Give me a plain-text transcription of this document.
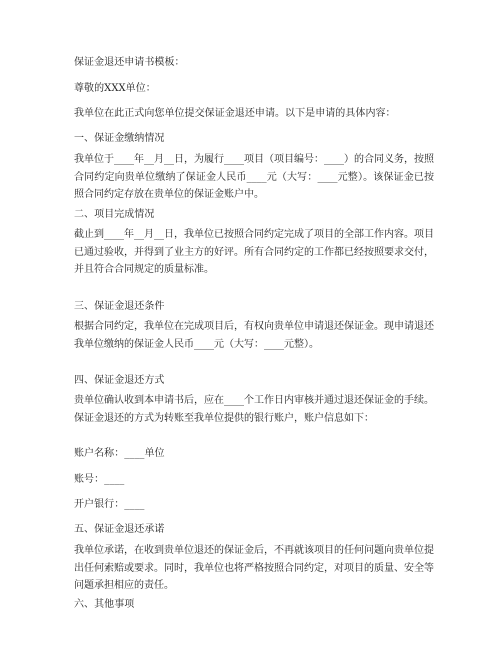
保证金退还申请书模板：
尊敬的XXX单位：
我单位在此正式向您单位提交保证金退还申请。以下是申请的具体内容：
一、保证金缴纳情况
我单位于____年__月__日，为履行____项目（项目编号：____）的合同义务，按照合同约定向贵单位缴纳了保证金人民币____元（大写：____元整）。该保证金已按照合同约定存放在贵单位的保证金账户中。
二、项目完成情况
截止到____年__月__日，我单位已按照合同约定完成了项目的全部工作内容。项目已通过验收，并得到了业主方的好评。所有合同约定的工作都已经按照要求交付，并且符合合同规定的质量标准。
三、保证金退还条件
根据合同约定，我单位在完成项目后，有权向贵单位申请退还保证金。现申请退还我单位缴纳的保证金人民币____元（大写：____元整）。
四、保证金退还方式
贵单位确认收到本申请书后，应在____个工作日内审核并通过退还保证金的手续。保证金退还的方式为转账至我单位提供的银行账户，账户信息如下：
账户名称：____单位
账号：____
开户银行：____
五、保证金退还承诺
我单位承诺，在收到贵单位退还的保证金后，不再就该项目的任何问题向贵单位提出任何索赔或要求。同时，我单位也将严格按照合同约定，对项目的质量、安全等问题承担相应的责任。
六、其他事项
